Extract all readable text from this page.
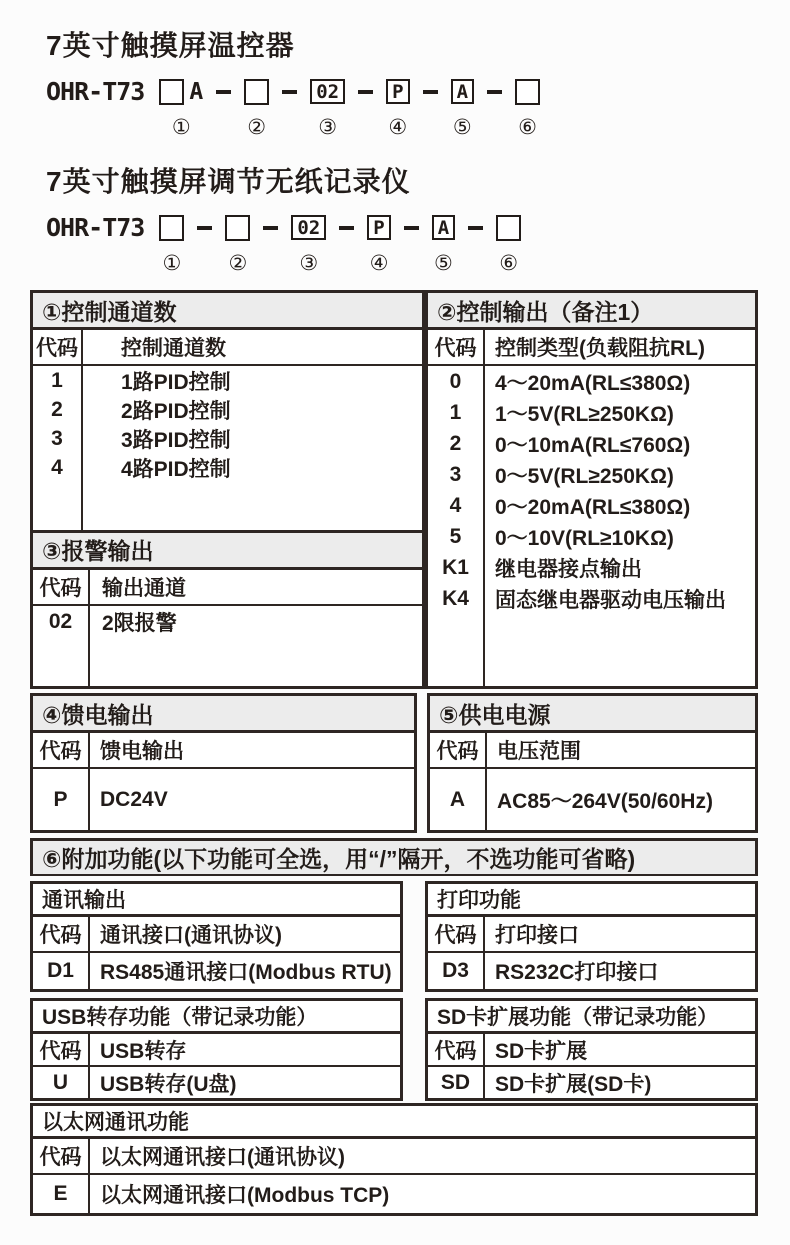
7英寸触摸屏温控器
OHR-T73 A
①	②
02
③
P
④
A
⑤ ⑥
7英寸触摸屏调节无纸记录仪
OHR-T73
① ②
02
③
P
④
A
⑤ ⑥
①控制通道数
代码	控制通道数
1	1路PID控制
2	2路PID控制
3	3路PID控制
4	4路PID控制
③报警输出
代码 输出通道
02	2限报警
②控制输出（备注1）
代码 控制类型(负载阻抗RL)
0	4～20mA(RL≤380Ω)
1	1～5V(RL≥250KΩ)
2	0～10mA(RL≤760Ω)
3	0～5V(RL≥250KΩ)
4	0～20mA(RL≤380Ω)
5	0～10V(RL≥10KΩ)
K1	继电器接点输出
K4	固态继电器驱动电压输出
④馈电输出
代码 馈电输出
P	DC24V
⑤供电电源
代码 电压范围
A	AC85～264V(50/60Hz)
⑥附加功能(以下功能可全选，用“/”隔开，不选功能可省略)
通讯输出
代码 通讯接口(通讯协议)
D1	RS485通讯接口(Modbus RTU)
打印功能
代码 打印接口
D3	RS232C打印接口
USB转存功能（带记录功能）
代码 USB转存
U	USB转存(U盘)
SD卡扩展功能（带记录功能）
代码 SD卡扩展
SD	SD卡扩展(SD卡)
以太网通讯功能
代码 以太网通讯接口(通讯协议)
E	以太网通讯接口(Modbus TCP)
